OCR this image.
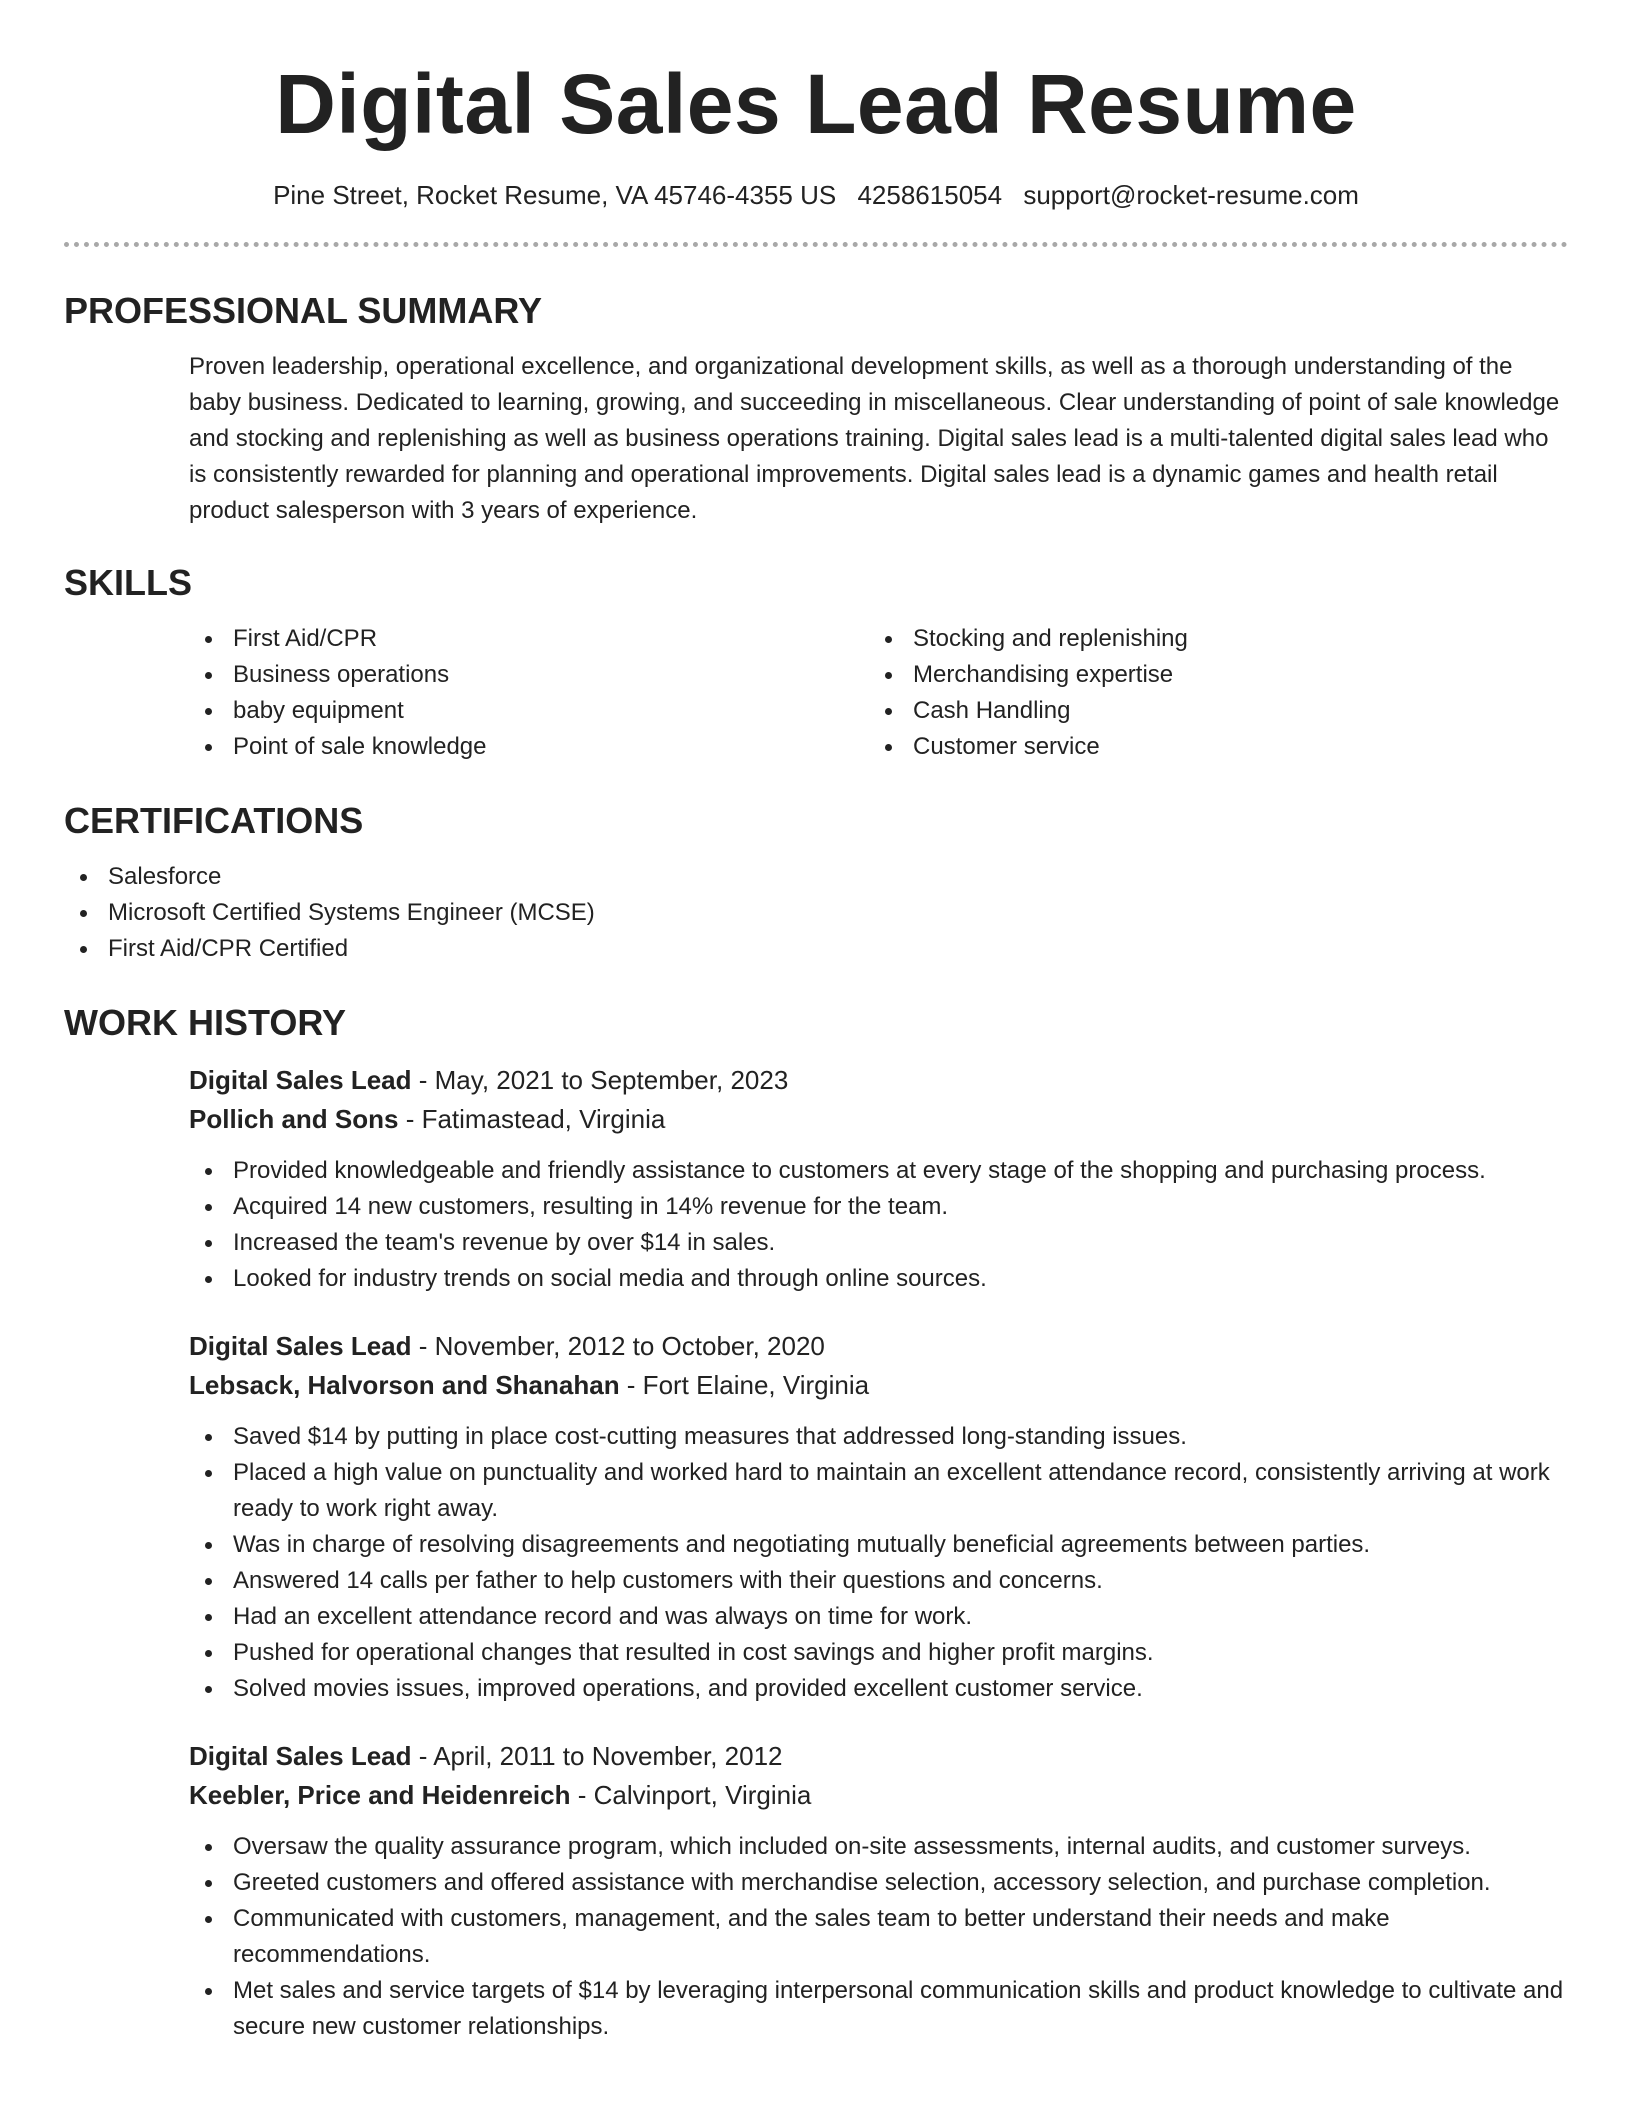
Digital Sales Lead Resume
Pine Street, Rocket Resume, VA 45746-4355 US 4258615054 support@rocket-resume.com
PROFESSIONAL SUMMARY

Proven leadership, operational excellence, and organizational development skills, as well as a thorough understanding of the baby business. Dedicated to learning, growing, and succeeding in miscellaneous. Clear understanding of point of sale knowledge and stocking and replenishing as well as business operations training. Digital sales lead is a multi-talented digital sales lead who is consistently rewarded for planning and operational improvements. Digital sales lead is a dynamic games and health retail product salesperson with 3 years of experience.

SKILLS
First Aid/CPR
Business operations
baby equipment
Point of sale knowledge
Stocking and replenishing
Merchandising expertise
Cash Handling
Customer service
CERTIFICATIONS
Salesforce
Microsoft Certified Systems Engineer (MCSE)
First Aid/CPR Certified
WORK HISTORY
Digital Sales Lead - May, 2021 to September, 2023
Pollich and Sons - Fatimastead, Virginia
Provided knowledgeable and friendly assistance to customers at every stage of the shopping and purchasing process.
Acquired 14 new customers, resulting in 14% revenue for the team.
Increased the team's revenue by over $14 in sales.
Looked for industry trends on social media and through online sources.
Digital Sales Lead - November, 2012 to October, 2020
Lebsack, Halvorson and Shanahan - Fort Elaine, Virginia
Saved $14 by putting in place cost-cutting measures that addressed long-standing issues.
Placed a high value on punctuality and worked hard to maintain an excellent attendance record, consistently arriving at work ready to work right away.
Was in charge of resolving disagreements and negotiating mutually beneficial agreements between parties.
Answered 14 calls per father to help customers with their questions and concerns.
Had an excellent attendance record and was always on time for work.
Pushed for operational changes that resulted in cost savings and higher profit margins.
Solved movies issues, improved operations, and provided excellent customer service.
Digital Sales Lead - April, 2011 to November, 2012
Keebler, Price and Heidenreich - Calvinport, Virginia
Oversaw the quality assurance program, which included on-site assessments, internal audits, and customer surveys.
Greeted customers and offered assistance with merchandise selection, accessory selection, and purchase completion.
Communicated with customers, management, and the sales team to better understand their needs and make recommendations.
Met sales and service targets of $14 by leveraging interpersonal communication skills and product knowledge to cultivate and secure new customer relationships.
